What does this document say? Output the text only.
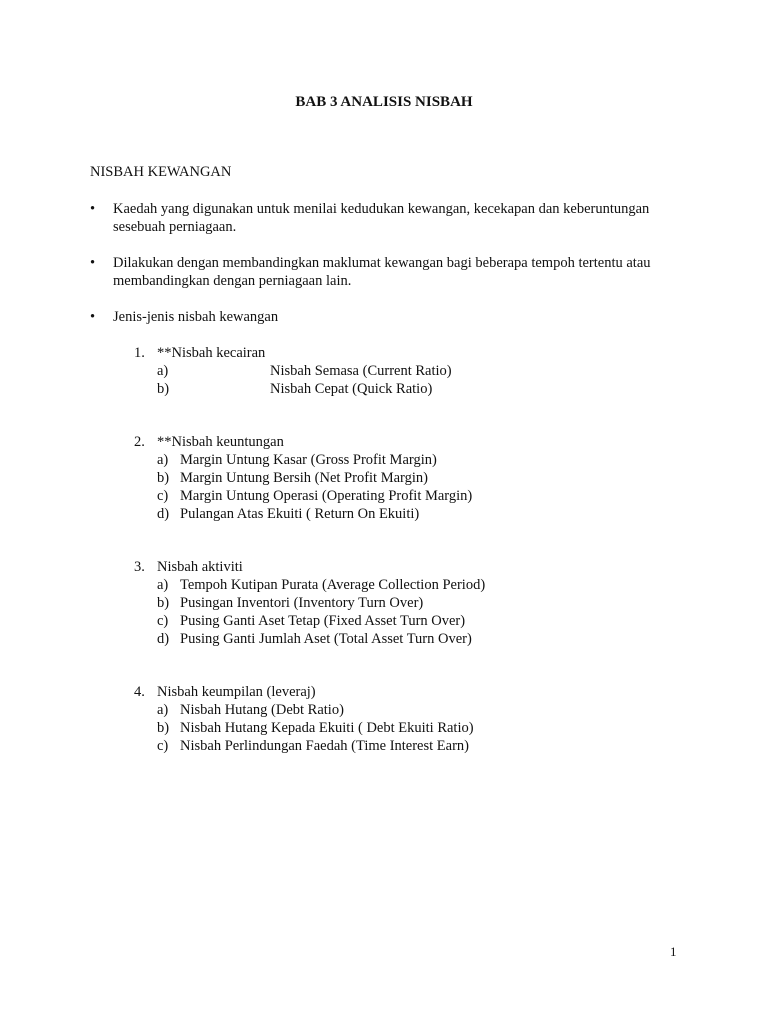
BAB 3 ANALISIS NISBAH
NISBAH KEWANGAN
• Kaedah yang digunakan untuk menilai kedudukan kewangan, kecekapan dan keberuntungan sesebuah perniagaan.
• Dilakukan dengan membandingkan maklumat kewangan bagi beberapa tempoh tertentu atau membandingkan dengan perniagaan lain.
• Jenis-jenis nisbah kewangan
1. **Nisbah kecairan
a)	Nisbah Semasa (Current Ratio)
b)	Nisbah Cepat (Quick Ratio)
2. **Nisbah keuntungan
a) Margin Untung Kasar (Gross Profit Margin)
b) Margin Untung Bersih (Net Profit Margin)
c) Margin Untung Operasi (Operating Profit Margin)
d) Pulangan Atas Ekuiti ( Return On Ekuiti)
3. Nisbah aktiviti
a) Tempoh Kutipan Purata (Average Collection Period)
b) Pusingan Inventori (Inventory Turn Over)
c) Pusing Ganti Aset Tetap (Fixed Asset Turn Over)
d) Pusing Ganti Jumlah Aset (Total Asset Turn Over)
4. Nisbah keumpilan (leveraj)
a) Nisbah Hutang (Debt Ratio)
b) Nisbah Hutang Kepada Ekuiti ( Debt Ekuiti Ratio)
c) Nisbah Perlindungan Faedah (Time Interest Earn)
1
